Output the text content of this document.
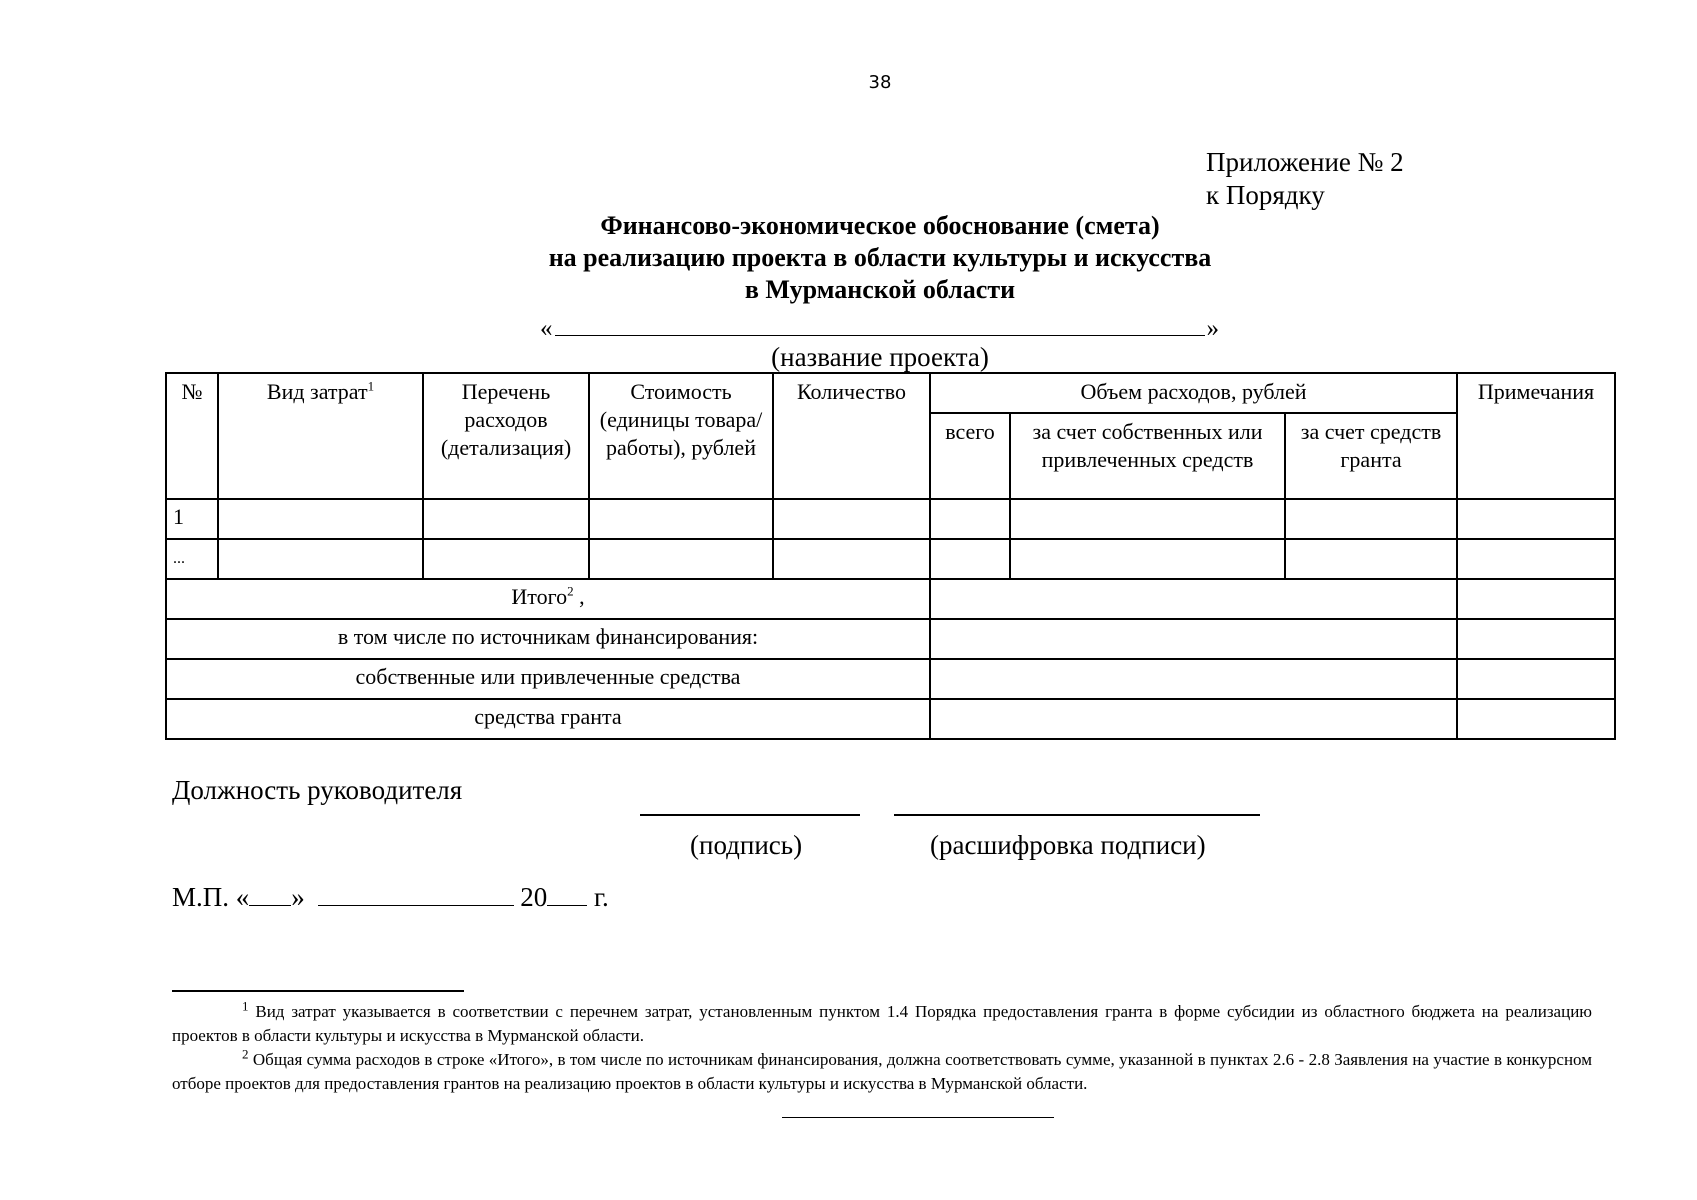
38
Приложение № 2
к Порядку
Финансово-экономическое обоснование (смета)
на реализацию проекта в области культуры и искусства
в Мурманской области
«	»
(название проекта)
№	Вид затрат$^1$	Перечень расходов (детализация)	Стоимость (единицы товара/работы), рублей	Количество	Объем расходов, рублей			Примечания
					всего	за счет собственных или привлеченных средств	за счет средств гранта	
1								
...								
Итого$^2$ ,								
в том числе по источникам финансирования:								
собственные или привлеченные средства								
средства гранта								
Должность руководителя
(подпись)	(расшифровка подписи)
М.П. « »	20 г.

$^1$ Вид затрат указывается в соответствии с перечнем затрат, установленным пунктом 1.4 Порядка предоставления гранта в форме субсидии из областного бюджета на реализацию проектов в области культуры и искусства в Мурманской области.

$^2$ Общая сумма расходов в строке «Итого», в том числе по источникам финансирования, должна соответствовать сумме, указанной в пунктах 2.6 - 2.8 Заявления на участие в конкурсном отборе проектов для предоставления грантов на реализацию проектов в области культуры и искусства в Мурманской области.
